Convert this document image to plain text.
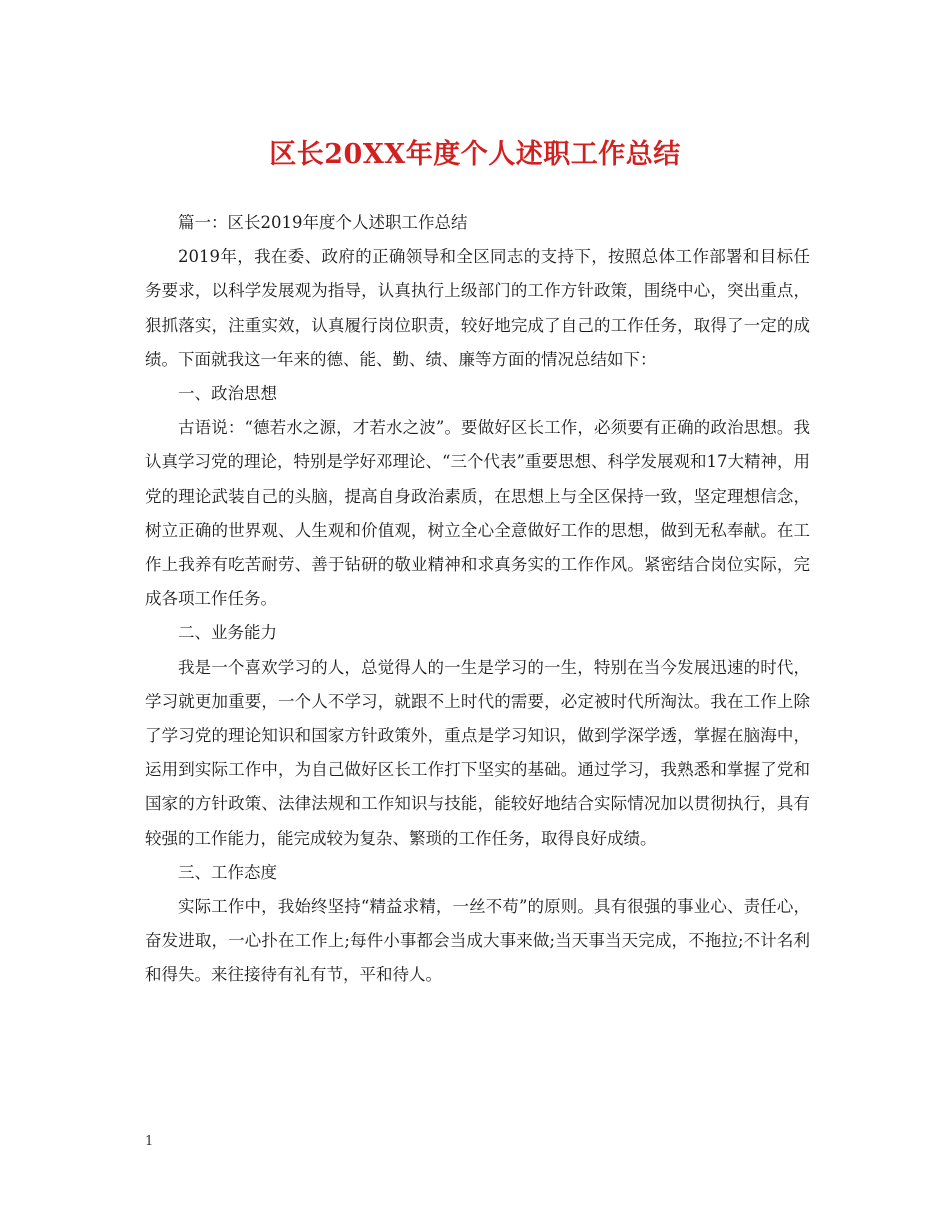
区长20XX年度个人述职工作总结

篇一：区长2019年度个人述职工作总结

2019年，我在委、政府的正确领导和全区同志的支持下，按照总体工作部署和目标任务要求，以科学发展观为指导，认真执行上级部门的工作方针政策，围绕中心，突出重点，狠抓落实，注重实效，认真履行岗位职责，较好地完成了自己的工作任务，取得了一定的成绩。下面就我这一年来的德、能、勤、绩、廉等方面的情况总结如下：

一、政治思想

古语说：“德若水之源，才若水之波”。要做好区长工作，必须要有正确的政治思想。我认真学习党的理论，特别是学好邓理论、“三个代表”重要思想、科学发展观和17大精神，用党的理论武装自己的头脑，提高自身政治素质，在思想上与全区保持一致，坚定理想信念，树立正确的世界观、人生观和价值观，树立全心全意做好工作的思想，做到无私奉献。在工作上我养有吃苦耐劳、善于钻研的敬业精神和求真务实的工作作风。紧密结合岗位实际，完成各项工作任务。

二、业务能力

我是一个喜欢学习的人，总觉得人的一生是学习的一生，特别在当今发展迅速的时代，学习就更加重要，一个人不学习，就跟不上时代的需要，必定被时代所淘汰。我在工作上除了学习党的理论知识和国家方针政策外，重点是学习知识，做到学深学透，掌握在脑海中，运用到实际工作中，为自己做好区长工作打下坚实的基础。通过学习，我熟悉和掌握了党和国家的方针政策、法律法规和工作知识与技能，能较好地结合实际情况加以贯彻执行，具有较强的工作能力，能完成较为复杂、繁琐的工作任务，取得良好成绩。

三、工作态度

实际工作中，我始终坚持“精益求精，一丝不苟”的原则。具有很强的事业心、责任心，奋发进取，一心扑在工作上;每件小事都会当成大事来做;当天事当天完成，不拖拉;不计名利和得失。来往接待有礼有节，平和待人。

1
